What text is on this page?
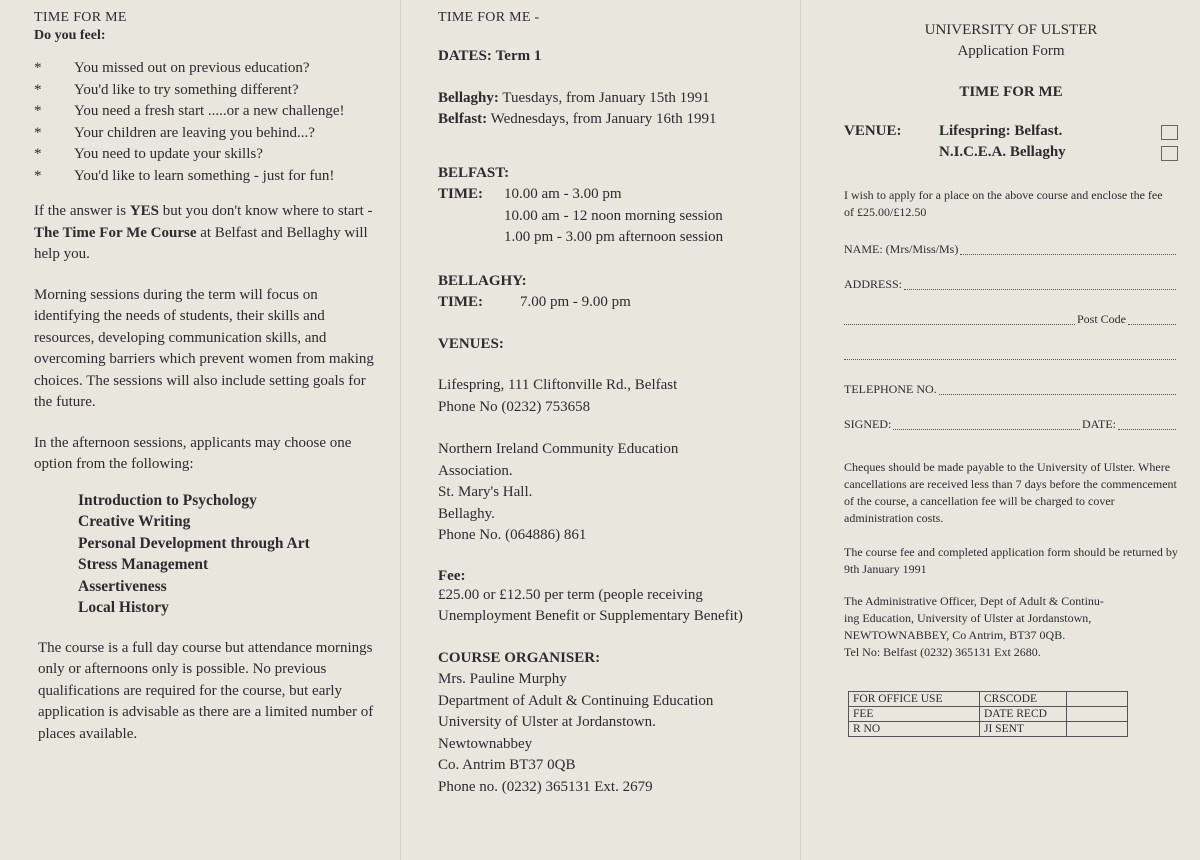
TIME FOR ME
Do you feel:
* You missed out on previous education?
* You'd like to try something different?
* You need a fresh start .....or a new challenge!
* Your children are leaving you behind...?
* You need to update your skills?
* You'd like to learn something - just for fun!

If the answer is YES but you don't know where to start - The Time For Me Course at Belfast and Bellaghy will help you.

Morning sessions during the term will focus on identifying the needs of students, their skills and resources, developing communication skills, and overcoming barriers which prevent women from making choices. The sessions will also include setting goals for the future.

In the afternoon sessions, applicants may choose one option from the following:

Introduction to Psychology
Creative Writing
Personal Development through Art
Stress Management
Assertiveness
Local History

The course is a full day course but attendance mornings only or afternoons only is possible. No previous qualifications are required for the course, but early application is advisable as there are a limited number of places available.

TIME FOR ME -
DATES: Term 1
Bellaghy: Tuesdays, from January 15th 1991
Belfast: Wednesdays, from January 16th 1991
BELFAST:
TIME:	10.00 am - 3.00 pm
10.00 am - 12 noon morning session
1.00 pm - 3.00 pm afternoon session
BELLAGHY:
TIME:	7.00 pm - 9.00 pm
VENUES:
Lifespring, 111 Cliftonville Rd., Belfast
Phone No (0232) 753658
Northern Ireland Community Education
Association.
St. Mary's Hall.
Bellaghy.
Phone No. (064886) 861
Fee:
£25.00 or £12.50 per term (people receiving Unemployment Benefit or Supplementary Benefit)
COURSE ORGANISER:
Mrs. Pauline Murphy
Department of Adult & Continuing Education
University of Ulster at Jordanstown.
Newtownabbey
Co. Antrim BT37 0QB
Phone no. (0232) 365131 Ext. 2679
UNIVERSITY OF ULSTER
Application Form
TIME FOR ME
VENUE:	Lifespring: Belfast.
N.I.C.E.A. Bellaghy
I wish to apply for a place on the above course and enclose the fee of £25.00/£12.50
NAME: (Mrs/Miss/Ms)
ADDRESS:
Post Code
TELEPHONE NO.
SIGNED:	DATE:
Cheques should be made payable to the University of Ulster. Where cancellations are received less than 7 days before the commencement of the course, a cancellation fee will be charged to cover administration costs.
The course fee and completed application form should be returned by 9th January 1991
The Administrative Officer, Dept of Adult & Continu-
ing Education, University of Ulster at Jordanstown,
NEWTOWNABBEY, Co Antrim, BT37 0QB.
Tel No: Belfast (0232) 365131 Ext 2680.
FOR OFFICE USE	CRSCODE	
FEE	DATE RECD	
R NO	JI SENT	
